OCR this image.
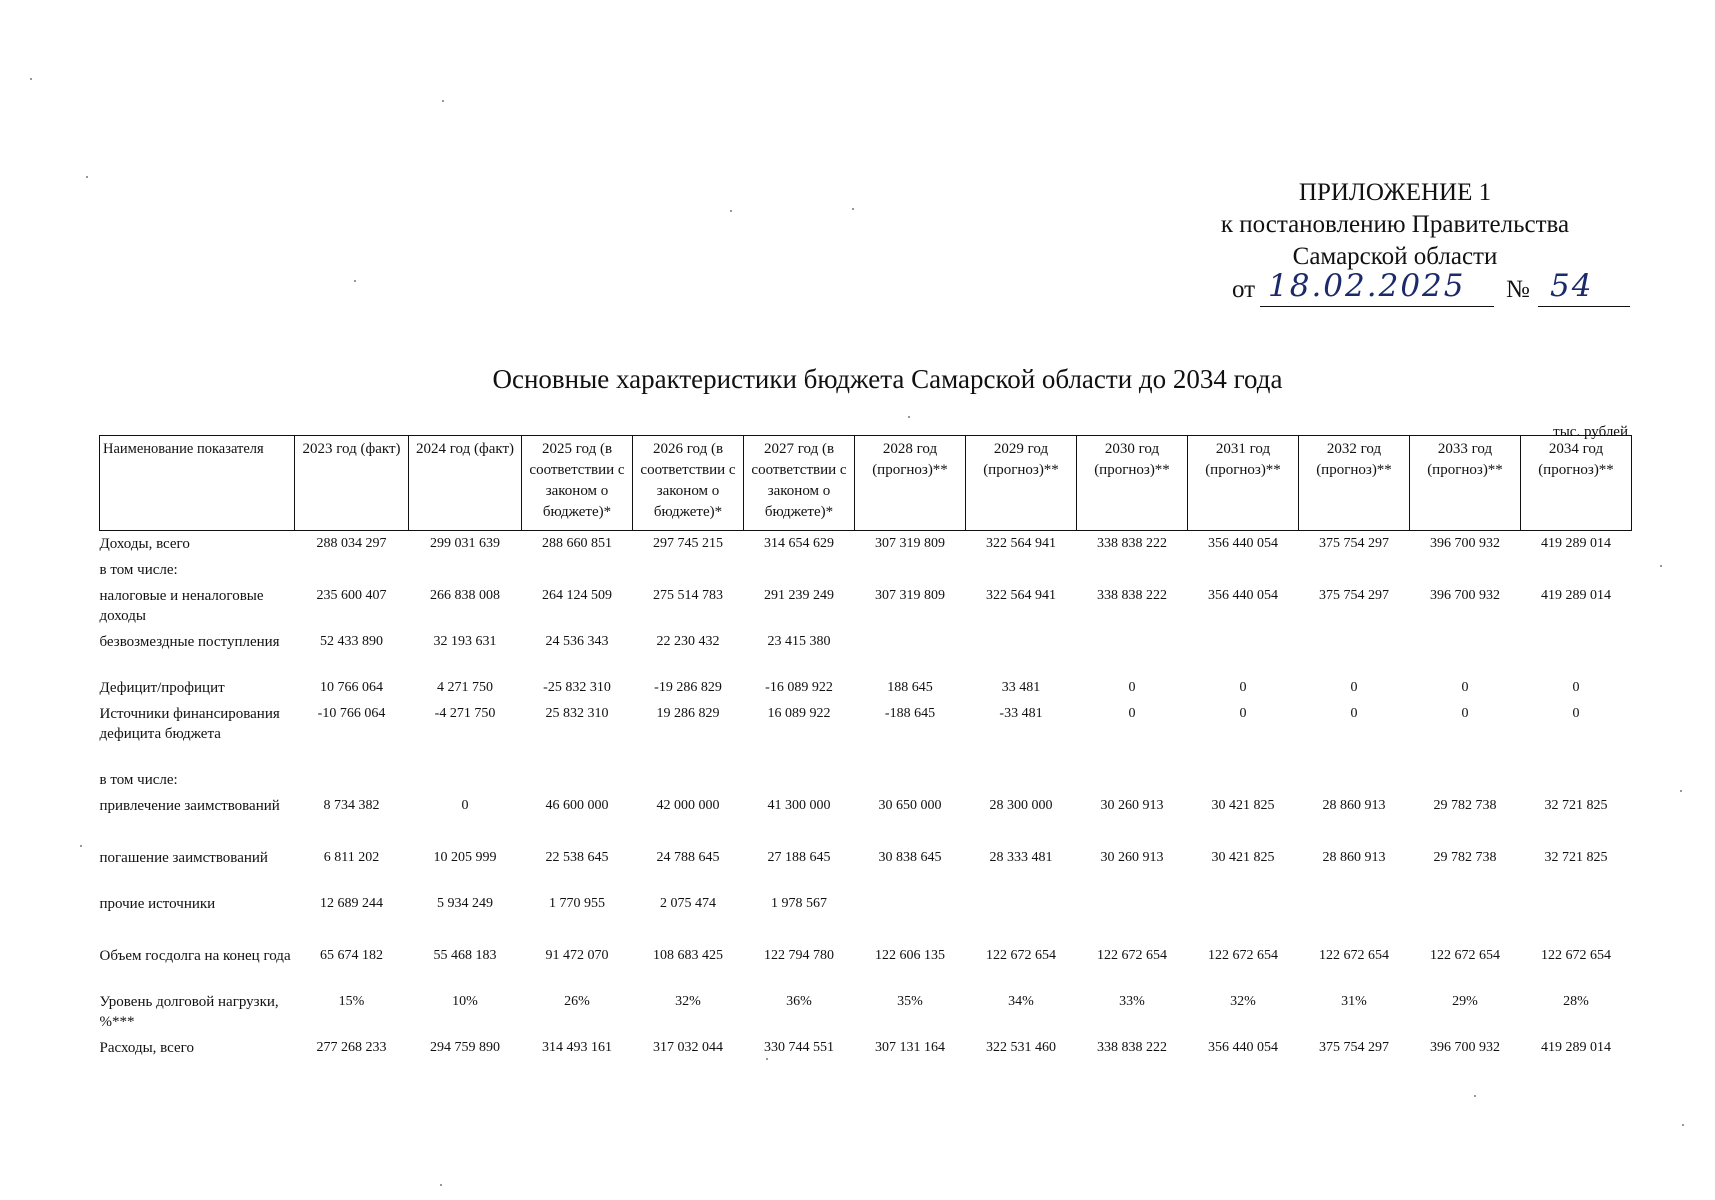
ПРИЛОЖЕНИЕ 1
к постановлению Правительства
Самарской области
от 18.02.2025 № 54
Основные характеристики бюджета Самарской области до 2034 года
тыс. рублей
Наименование показателя	2023 год (факт)	2024 год (факт)	2025 год (в соответствии с законом о бюджете)*	2026 год (в соответствии с законом о бюджете)*	2027 год (в соответствии с законом о бюджете)*	2028 год (прогноз)**	2029 год (прогноз)**	2030 год (прогноз)**	2031 год (прогноз)**	2032 год (прогноз)**	2033 год (прогноз)**	2034 год (прогноз)**
Доходы, всего	288 034 297	299 031 639	288 660 851	297 745 215	314 654 629	307 319 809	322 564 941	338 838 222	356 440 054	375 754 297	396 700 932	419 289 014
в том числе:												
налоговые и неналоговые доходы	235 600 407	266 838 008	264 124 509	275 514 783	291 239 249	307 319 809	322 564 941	338 838 222	356 440 054	375 754 297	396 700 932	419 289 014
безвозмездные поступления	52 433 890	32 193 631	24 536 343	22 230 432	23 415 380							
Дефицит/профицит	10 766 064	4 271 750	-25 832 310	-19 286 829	-16 089 922	188 645	33 481	0	0	0	0	0
Источники финансирования дефицита бюджета	-10 766 064	-4 271 750	25 832 310	19 286 829	16 089 922	-188 645	-33 481	0	0	0	0	0
в том числе:												
привлечение заимствований	8 734 382	0	46 600 000	42 000 000	41 300 000	30 650 000	28 300 000	30 260 913	30 421 825	28 860 913	29 782 738	32 721 825
погашение заимствований	6 811 202	10 205 999	22 538 645	24 788 645	27 188 645	30 838 645	28 333 481	30 260 913	30 421 825	28 860 913	29 782 738	32 721 825
прочие источники	12 689 244	5 934 249	1 770 955	2 075 474	1 978 567							
Объем госдолга на конец года	65 674 182	55 468 183	91 472 070	108 683 425	122 794 780	122 606 135	122 672 654	122 672 654	122 672 654	122 672 654	122 672 654	122 672 654
Уровень долговой нагрузки, %***	15%	10%	26%	32%	36%	35%	34%	33%	32%	31%	29%	28%
Расходы, всего	277 268 233	294 759 890	314 493 161	317 032 044	330 744 551	307 131 164	322 531 460	338 838 222	356 440 054	375 754 297	396 700 932	419 289 014
